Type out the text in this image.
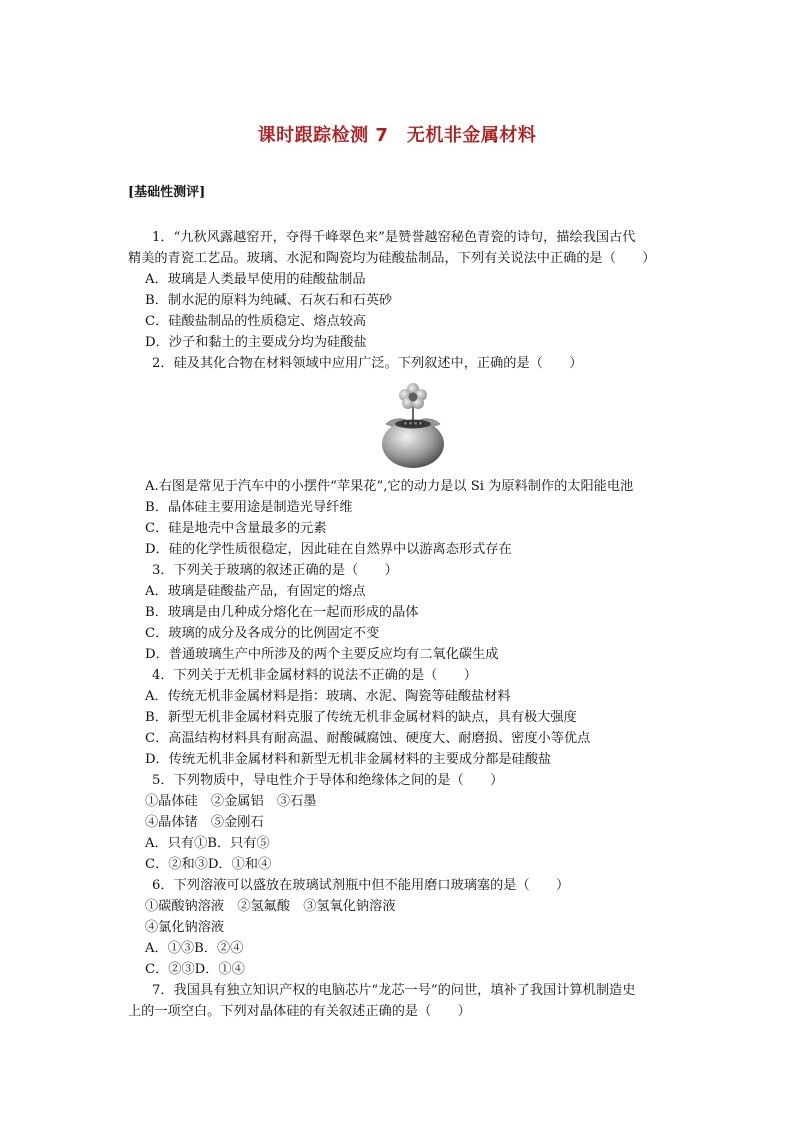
课时跟踪检测 7　无机非金属材料
[基础性测评]
1．“九秋风露越窑开，夺得千峰翠色来”是赞誉越窑秘色青瓷的诗句，描绘我国古代
精美的青瓷工艺品。玻璃、水泥和陶瓷均为硅酸盐制品，下列有关说法中正确的是（　　）
A．玻璃是人类最早使用的硅酸盐制品
B．制水泥的原料为纯碱、石灰石和石英砂
C．硅酸盐制品的性质稳定、熔点较高
D．沙子和黏土的主要成分均为硅酸盐
2．硅及其化合物在材料领域中应用广泛。下列叙述中，正确的是（　　）
A.右图是常见于汽车中的小摆件“苹果花”,它的动力是以 Si 为原料制作的太阳能电池
B．晶体硅主要用途是制造光导纤维
C．硅是地壳中含量最多的元素
D．硅的化学性质很稳定，因此硅在自然界中以游离态形式存在
3．下列关于玻璃的叙述正确的是（　　）
A．玻璃是硅酸盐产品，有固定的熔点
B．玻璃是由几种成分熔化在一起而形成的晶体
C．玻璃的成分及各成分的比例固定不变
D．普通玻璃生产中所涉及的两个主要反应均有二氧化碳生成
4．下列关于无机非金属材料的说法不正确的是（　　）
A．传统无机非金属材料是指：玻璃、水泥、陶瓷等硅酸盐材料
B．新型无机非金属材料克服了传统无机非金属材料的缺点，具有极大强度
C．高温结构材料具有耐高温、耐酸碱腐蚀、硬度大、耐磨损、密度小等优点
D．传统无机非金属材料和新型无机非金属材料的主要成分都是硅酸盐
5．下列物质中，导电性介于导体和绝缘体之间的是（　　）
①晶体硅　②金属铝　③石墨
④晶体锗　⑤金刚石
A．只有①B．只有⑤
C．②和③D．①和④
6．下列溶液可以盛放在玻璃试剂瓶中但不能用磨口玻璃塞的是（　　）
①碳酸钠溶液　②氢氟酸　③氢氧化钠溶液
④氯化钠溶液
A．①③B．②④
C．②③D．①④
7．我国具有独立知识产权的电脑芯片“龙芯一号”的问世，填补了我国计算机制造史
上的一项空白。下列对晶体硅的有关叙述正确的是（　　）
